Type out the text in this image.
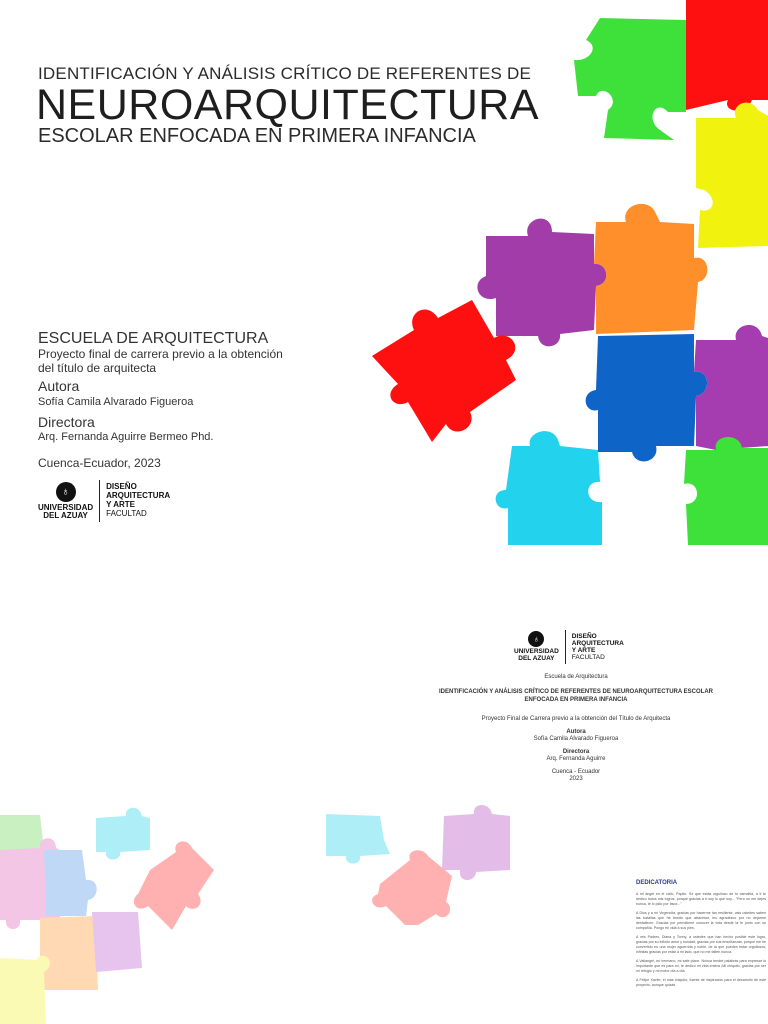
IDENTIFICACIÓN Y ANÁLISIS CRÍTICO DE REFERENTES DE
NEUROARQUITECTURA
ESCOLAR ENFOCADA EN PRIMERA INFANCIA
ESCUELA DE ARQUITECTURA
Proyecto final de carrera previo a la obtención del título de arquitecta
Autora
Sofía Camila Alvarado Figueroa
Directora
Arq. Fernanda Aguirre Bermeo Phd.
Cuenca-Ecuador, 2023
♁
UNIVERSIDAD
DEL AZUAY
DISEÑO
ARQUITECTURA
Y ARTE
FACULTAD
♁
UNIVERSIDAD
DEL AZUAY
DISEÑO
ARQUITECTURA
Y ARTE
FACULTAD
Escuela de Arquitectura
IDENTIFICACIÓN Y ANÁLISIS CRÍTICO DE REFERENTES DE NEUROARQUITECTURA ESCOLAR ENFOCADA EN PRIMERA INFANCIA
Proyecto Final de Carrera previo a la obtención del Título de Arquitecta
Autora
Sofía Camila Alvarado Figueroa
Directora
Arq. Fernanda Aguirre
Cuenca - Ecuador
2023
DEDICATORIA
A mi ángel en el cielo, Papito. Sé que estás orgulloso de tu carnalita, a ti te dedico todos mis logros, porque gracias a ti soy lo que soy... "Pero no me dejes nunca, te lo pido por favor..."
A Dios y a mi Virgencita, gracias por hacerme tan resiliente, vais ustedes saben las batallas que he tenido que atravesar, les agradezco por no dejarme desfallecer. Gracias por permitirme conocer la vida desde la fe junto con su compañía. Pongo mi vida a sus pies.
A mis Padres, Diana y Tonny, a ustedes que han hecho posible este logro, gracias por su infinito amor y bondad, gracias por sus enseñanzas, porque me he convertido en una mujer aguerrida y noble, de la que pueden estar orgullosos; infinitas gracias por estar a mi lado, que no me falten nunca.
A Valiangel, mi hermano, mi safe place. Nunca tendré palabras para expresar lo importante que es para mí, te dedico mi vida entera ¡Mi chiquito, gracias por ser mi refugio y mi motor día a día.
A Felipe Xavier, el más chiquito, fuente de inspiración para el desarrollo de este proyecto, aunque quizás
